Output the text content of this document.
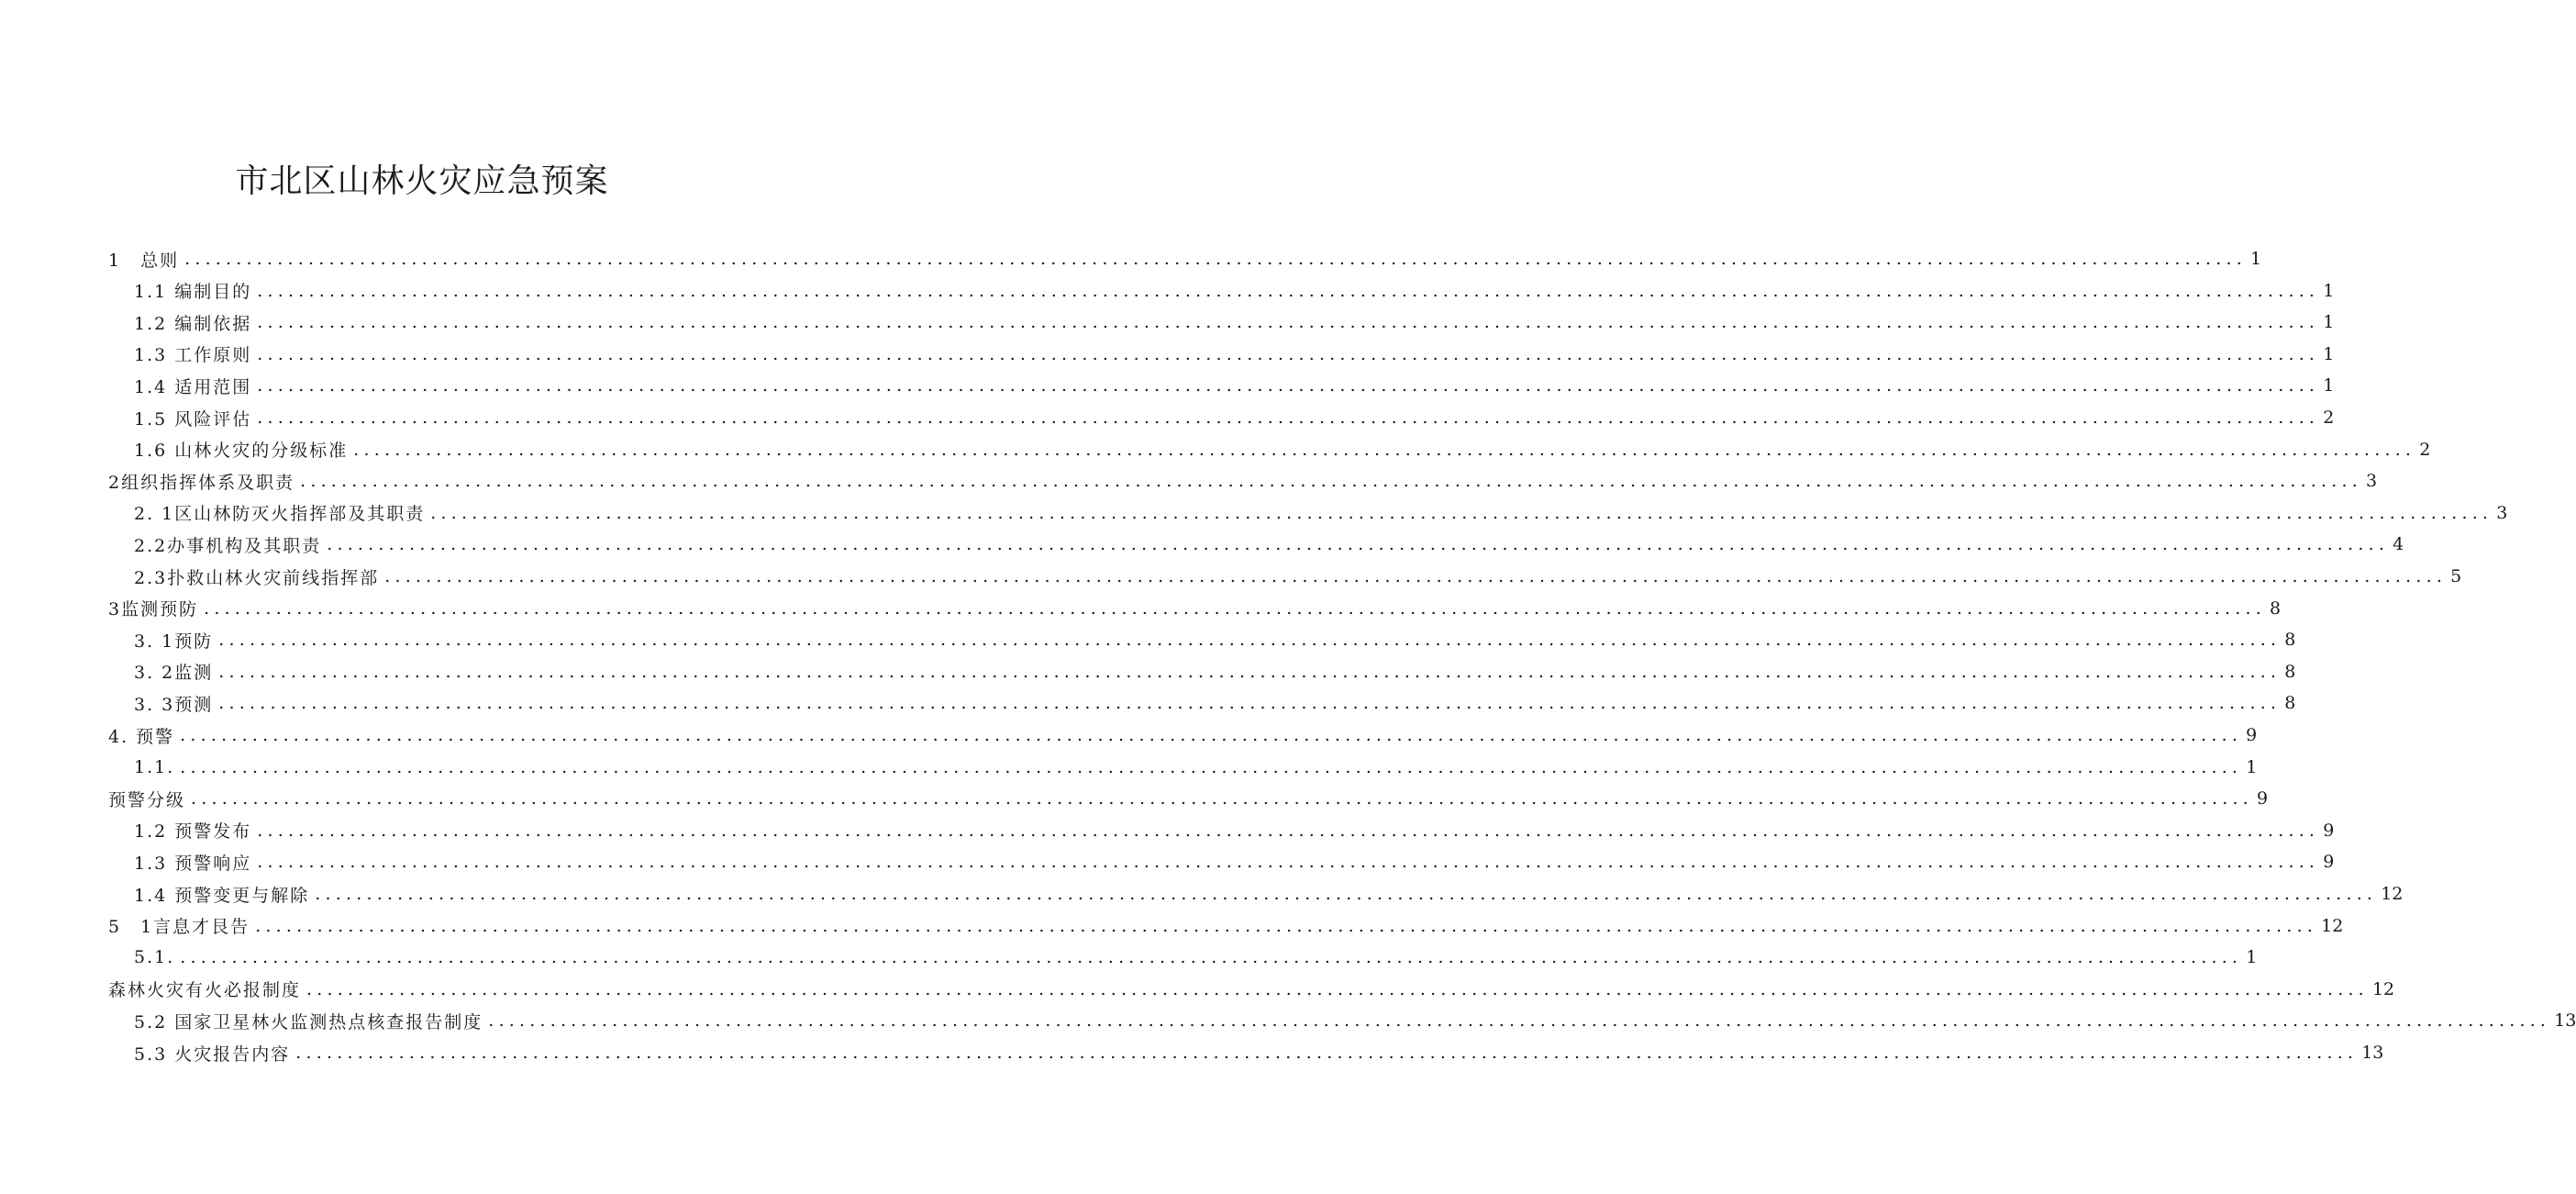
市北区山林火灾应急预案
1　总则 ........................................................................................................................................................................................................ 1
1.1 编制目的 ........................................................................................................................................................................................................ 1
1.2 编制依据 ........................................................................................................................................................................................................ 1
1.3 工作原则 ........................................................................................................................................................................................................ 1
1.4 适用范围 ........................................................................................................................................................................................................ 1
1.5 风险评估 ........................................................................................................................................................................................................ 2
1.6 山林火灾的分级标准 ........................................................................................................................................................................................................ 2
2组织指挥体系及职责 ........................................................................................................................................................................................................ 3
2. 1区山林防灭火指挥部及其职责 ........................................................................................................................................................................................................ 3
2.2办事机构及其职责 ........................................................................................................................................................................................................ 4
2.3扑救山林火灾前线指挥部 ........................................................................................................................................................................................................ 5
3监测预防 ........................................................................................................................................................................................................ 8
3. 1预防 ........................................................................................................................................................................................................ 8
3. 2监测 ........................................................................................................................................................................................................ 8
3. 3预测 ........................................................................................................................................................................................................ 8
4. 预警 ........................................................................................................................................................................................................ 9
1.1. ........................................................................................................................................................................................................ 1
预警分级 ........................................................................................................................................................................................................ 9
1.2 预警发布 ........................................................................................................................................................................................................ 9
1.3 预警响应 ........................................................................................................................................................................................................ 9
1.4 预警变更与解除 ........................................................................................................................................................................................................ 12
5　1言息才艮告 ........................................................................................................................................................................................................ 12
5.1. ........................................................................................................................................................................................................ 1
森林火灾有火必报制度 ........................................................................................................................................................................................................ 12
5.2 国家卫星林火监测热点核查报告制度 ........................................................................................................................................................................................................ 13
5.3 火灾报告内容 ........................................................................................................................................................................................................ 13
